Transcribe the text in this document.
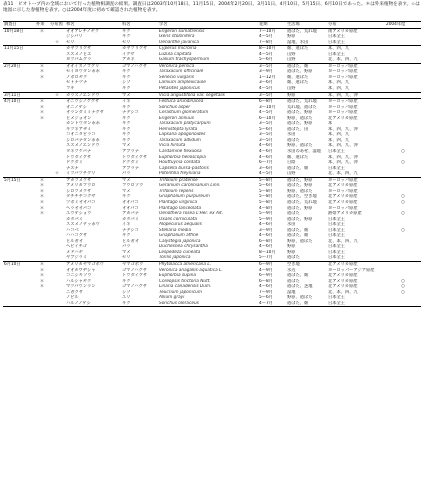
表11　ビオトープ内の全域において行った植物相調査の結果。調査日は2003年10月18日、11月15日、2004年2月20日、3月11日、4月10日、5月15日、6月10日であった。＊は外来植物を表す。☆は地図に示した春植物を表す。○は2004年度に初めて確認された植物を表す。
調査日	外来	分布図	和名	科名	学名	花期	生活場	分布	2004年度
10月18日	＊		オオアレチノギク	キク	Erigeron sumatrensis	7〜10月	道ばた、荒れ地	南アメリカ原産	
			ジシバリ	キク	Ixeris stolonifera	4〜5月	野原	日本全土	
		☆	セリ	セリ	Oenanthe javanica	7〜8月	湿地、水田	日本全土	
11月15日			カヤツリグサ	カヤツリグサ	Cyperus microiria	8〜10月	畑、道ばた	本、四、九	
			スズメノヒエ	イグサ	Luzula capitata	4〜5月	山野	日本全土	
			ヨツバムグラ	アカネ	Galium trachyspermum	5〜6月	山野	北、本、四、九	
2月20日	＊		オオイヌノフグリ	ゴマノハグサ	Veronica persica	3〜5月	道ばた、畑	ヨーロッパ原産	
	＊		セイヨウタンポポ	キク	Taraxacum officinale	3〜9月	道ばた、野原	ヨーロッパ原産	
	＊		ノボロギク	キク	Senecio vulgaris	1〜12月	畑、道ばた	ヨーロッパ原産	
			セトナヅナ	シソ	Lamium amplexicaule	3〜6月	畑、道ばた	本、四、九	
			フキ	キク	Petasites japonicus	4〜5月	山野	本、四、九	
3月11日		☆	カラスノエンドウ	マメ	Vicia angustifolia var. segetalis	3〜5月	野原	本、四、九、沖	
4月10日	＊		オニウシノケグサ	イネ	Festuca arundinacea	6〜8月	道ばた、荒れ地	ヨーロッパ原産	
	＊		オニノゲシ	キク	Sonchus asper	3〜10月	荒れ地、道ばた	ヨーロッパ原産	
	＊		オランダミミナグサ	ナデシコ	Cerastium glomeratum	4〜5月	道ばた、野原	ヨーロッパ原産	
	＊		ヒメジョオン	キク	Erigeron annuus	6〜10月	野原、道ばた	北アメリカ原産	
			カントウタンポポ	キク	Taraxacum platycarpum	3〜5月	道ばた、野原	本	
			キツネアザミ	キク	Hemistepta lyrata	5〜6月	道ばた、田	本、四、九、沖	
			コオニタビラコ	キク	Lapsana apogonoides	3〜5月	水田	本、四、九	
			シロバナタンポポ	キク	Taraxacum albidum	3〜5月	道ばた	本、四、九	
			スズメノエンドウ	マメ	Vicia hirsuta	4〜6月	野原、道ばた	本、四、九、沖	
			タネツケバナ	アブラナ	Cardamine flexuosa	4〜6月	水田のあぜ、湿地	日本全土	○
			トウダイグサ	トウダイグサ	Euphorbia helioscopia	4〜6月	畑、道ばた	本、四、九、沖	
			ドクダミ	ドクダミ	Houttuynia cordata	6〜7月	日陰	本、四、九、沖	○
			ナズナ	アブラナ	Capsella bursa-pastoris	3〜6月	道ばた、畑	日本全土	
		☆	ミツバツチグリ	バラ	Potentilla freyniana	4〜5月	山野	北、本、四、九	
5月15日	＊		アカツメクサ	マメ	Trifolium pratense	5〜8月	道ばた、野原	ヨーロッパ原産	
	＊		アメリカフウロ	フウロソウ	Geranium carolinianum Linn.	5〜6月	道ばた、野原	北アメリカ原産	
	＊		シロツメクサ	マメ	Trifolium repens	5〜8月	野原、道ばた	ヨーロッパ原産	
	＊		タチチチコグサ	キク	Gnaphalium purpureum	5〜8月	道ばた、空き地	北アメリカ原産	○
	＊		ツボミオオバコ	オオバコ	Plantago virginica	5〜8月	道ばた、荒れ地	北アメリカ原産	○
	＊		ヘラオオバコ	オオバコ	Plantago lanceolata	4〜8月	道ばた、野原	ヨーロッパ原産	
	＊		ユウゲショウ	アカバナ	Oenothera rosea L'Her. ex Ait.	5〜9月	道ばた	熱帯アメリカ原産	○
			カタバミ	カタバミ	Oxalis corniculata	5〜9月	道ばた、野原	日本全土	
			スズメノテッポウ	イネ	Alopecurus aequalis	4〜6月	水田	日本全土	
			ハコベ	ナデシコ	Stellaria media	3〜9月	道ばた、畑	日本全土	○
			ハハコグサ	キク	Gnaphalium affine	4〜6月	道ばた、畑	日本全土	
			ヒルガオ	ヒルガオ	Calystegia japonica	6〜8月	野原、道ばた	北、本、四、九	
			ヘビイチゴ	バラ	Duchesnea chrysantha	4〜6月	野原	日本全土	
			メドハギ	マメ	Lespedeza cuneata	8〜10月	野原	日本全土	
			ヤブジラミ	セリ	Torilis japonica	5〜7月	道ばた	日本全土	
6月10日	＊		アメリカヤマゴボウ	ヤマゴボウ	Phytolacca americana L.	6〜9月	空き地	北アメリカ原産	
	＊		オオカワヂシャ	ゴマノハグサ	Veronica anagallis-aquatica L.	4〜9月	水辺	ヨーロッパ〜アジア原産	
	＊		コニシキソウ	トウダイグサ	Euphorbia supina	6〜9月	道ばた、畑	北アメリカ原産	
	＊		ハルシャギク	キク	Coreopsis tinctoria Nutt.	6〜8月	道ばた	北アメリカ原産	○
	＊		マツバウンラン	ゴマノハグサ	Linaria canadensis Dum.	4〜6月	道ばた、芝地	北アメリカ原産	○
			ニガクサ	シソ	Teucrium japonicum	7〜9月	湿地	北、本、四、九	○
			ノビル	ユリ	Allium grayi	5〜6月	野原、道ばた	日本全土	
			ハルノノゲシ	キク	Sonchus oleraceus	4〜7月	道ばた、畑	日本全土	
